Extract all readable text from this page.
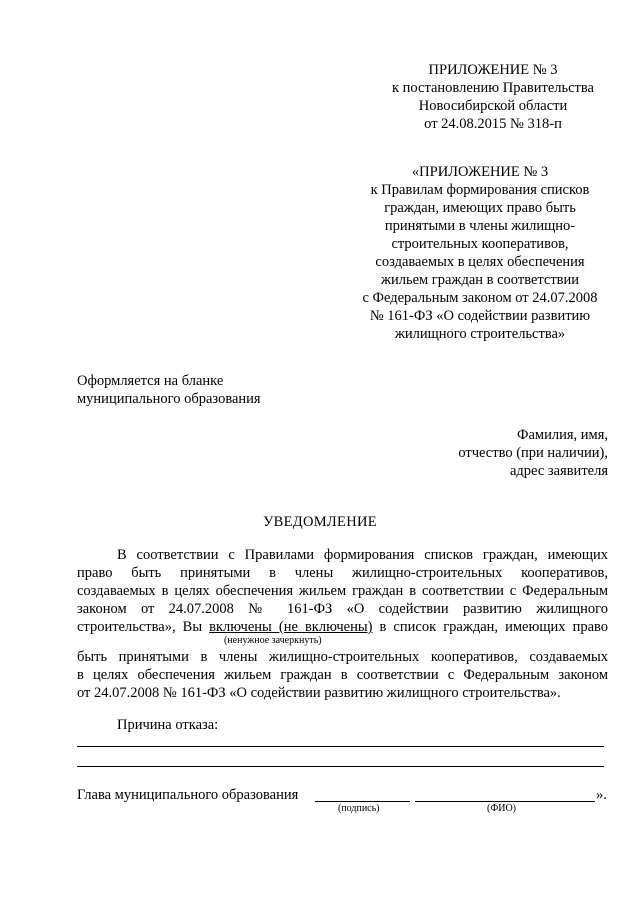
ПРИЛОЖЕНИЕ № 3
к постановлению Правительства
Новосибирской области
от 24.08.2015 № 318-п
«ПРИЛОЖЕНИЕ № 3
к Правилам формирования списков
граждан, имеющих право быть
принятыми в члены жилищно-
строительных кооперативов,
создаваемых в целях обеспечения
жильем граждан в соответствии
с Федеральным законом от 24.07.2008
№ 161-ФЗ «О содействии развитию
жилищного строительства»
Оформляется на бланке
муниципального образования
Фамилия, имя,
отчество (при наличии),
адрес заявителя
УВЕДОМЛЕНИЕ
В соответствии с Правилами формирования списков граждан, имеющих
право быть принятыми в члены жилищно-строительных кооперативов,
создаваемых в целях обеспечения жильем граждан в соответствии с Федеральным
законом от 24.07.2008 № 161-ФЗ «О содействии развитию жилищного
строительства», Вы включены (не включены) в список граждан, имеющих право
(ненужное зачеркнуть)
быть принятыми в члены жилищно-строительных кооперативов, создаваемых
в целях обеспечения жильем граждан в соответствии с Федеральным законом
от 24.07.2008 № 161-ФЗ «О содействии развитию жилищного строительства».
Причина отказа:
Глава муниципального образования	».
(подпись)	(ФИО)
